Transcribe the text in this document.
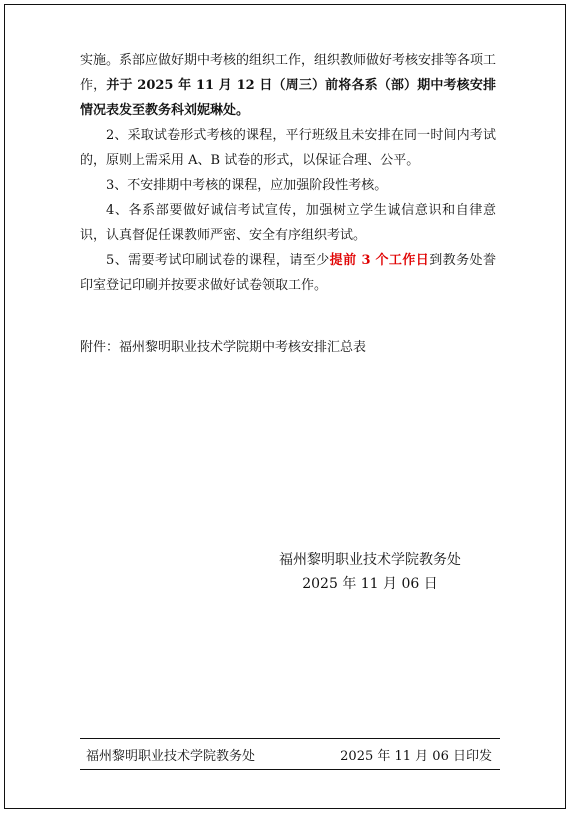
实施。系部应做好期中考核的组织工作，组织教师做好考核安排等各项工作，并于 2025 年 11 月 12 日（周三）前将各系（部）期中考核安排情况表发至教务科刘妮琳处。

2、采取试卷形式考核的课程，平行班级且未安排在同一时间内考试的，原则上需采用 A、B 试卷的形式，以保证合理、公平。

3、不安排期中考核的课程，应加强阶段性考核。

4、各系部要做好诚信考试宣传，加强树立学生诚信意识和自律意识，认真督促任课教师严密、安全有序组织考试。

5、需要考试印刷试卷的课程，请至少提前 3 个工作日到教务处誊印室登记印刷并按要求做好试卷领取工作。

附件：福州黎明职业技术学院期中考核安排汇总表
福州黎明职业技术学院教务处
2025 年 11 月 06 日
福州黎明职业技术学院教务处	2025 年 11 月 06 日印发
